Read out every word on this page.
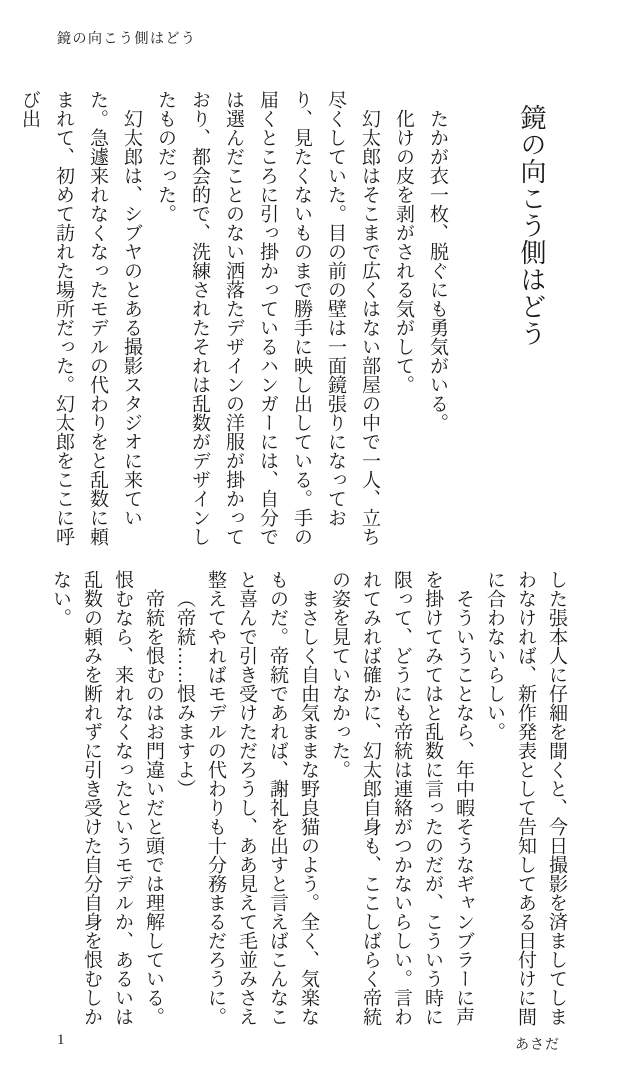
鏡の向こう側はどう
鏡の向こう側はどう

たかが衣一枚、脱ぐにも勇気がいる。

化けの皮を剥がされる気がして。

幻太郎はそこまで広くはない部屋の中で一人、立ち尽くしていた。目の前の壁は一面鏡張りになっており、見たくないものまで勝手に映し出している。手の届くところに引っ掛かっているハンガーには、自分では選んだことのない洒落たデザインの洋服が掛かっており、都会的で、洗練されたそれは乱数がデザインしたものだった。

幻太郎は、シブヤのとある撮影スタジオに来ていた。急遽来れなくなったモデルの代わりをと乱数に頼まれて、初めて訪れた場所だった。幻太郎をここに呼び出

した張本人に仔細を聞くと、今日撮影を済ましてしまわなければ、新作発表として告知してある日付けに間に合わないらしい。

そういうことなら、年中暇そうなギャンブラーに声を掛けてみてはと乱数に言ったのだが、こういう時に限って、どうにも帝統は連絡がつかないらしい。言われてみれば確かに、幻太郎自身も、ここしばらく帝統の姿を見ていなかった。

まさしく自由気ままな野良猫のよう。全く、気楽なものだ。帝統であれば、謝礼を出すと言えばこんなこと喜んで引き受けただろうし、ああ見えて毛並みさえ整えてやればモデルの代わりも十分務まるだろうに。

（帝統……恨みますよ）

帝統を恨むのはお門違いだと頭では理解している。恨むなら、来れなくなったというモデルか、あるいは乱数の頼みを断れずに引き受けた自分自身を恨むしかない。

1	あさだ
